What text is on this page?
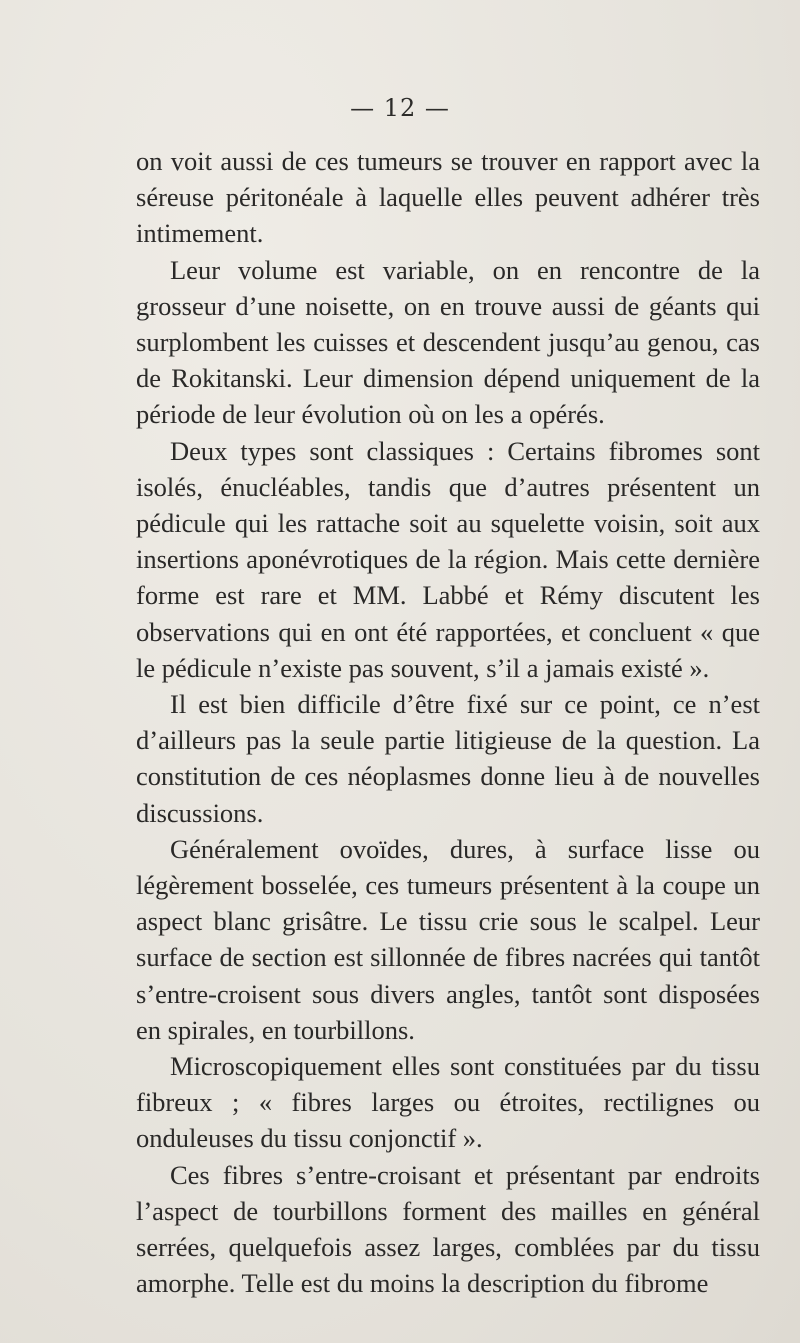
— 12 —

on voit aussi de ces tumeurs se trouver en rapport avec la séreuse péritonéale à laquelle elles peuvent adhérer très intimement.

Leur volume est variable, on en rencontre de la grosseur d’une noisette, on en trouve aussi de géants qui surplombent les cuisses et descendent jusqu’au genou, cas de Rokitanski. Leur dimension dépend uniquement de la période de leur évolution où on les a opérés.

Deux types sont classiques : Certains fibromes sont isolés, énucléables, tandis que d’autres présentent un pédicule qui les rattache soit au squelette voisin, soit aux insertions aponévrotiques de la région. Mais cette dernière forme est rare et MM. Labbé et Rémy discutent les observations qui en ont été rapportées, et concluent « que le pédicule n’existe pas souvent, s’il a jamais existé ».

Il est bien difficile d’être fixé sur ce point, ce n’est d’ailleurs pas la seule partie litigieuse de la question. La constitution de ces néoplasmes donne lieu à de nouvelles discussions.

Généralement ovoïdes, dures, à surface lisse ou légèrement bosselée, ces tumeurs présentent à la coupe un aspect blanc grisâtre. Le tissu crie sous le scalpel. Leur surface de section est sillonnée de fibres nacrées qui tantôt s’entre-croisent sous divers angles, tantôt sont disposées en spirales, en tourbillons.

Microscopiquement elles sont constituées par du tissu fibreux ; « fibres larges ou étroites, rectilignes ou onduleuses du tissu conjonctif ».

Ces fibres s’entre-croisant et présentant par endroits l’aspect de tourbillons forment des mailles en général serrées, quelquefois assez larges, comblées par du tissu amorphe. Telle est du moins la description du fibrome
